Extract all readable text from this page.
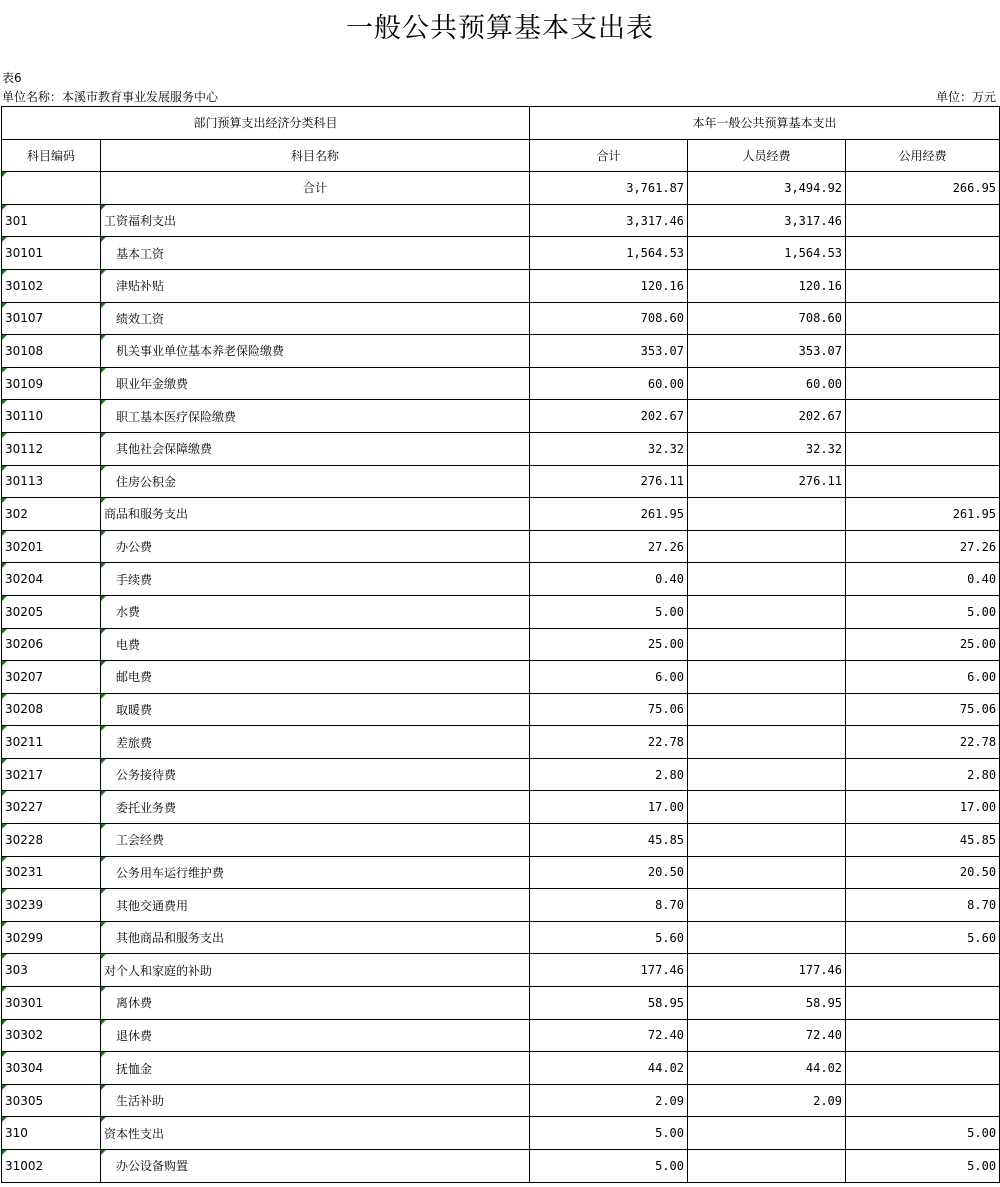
一般公共预算基本支出表
表6
单位名称：本溪市教育事业发展服务中心	单位：万元
部门预算支出经济分类科目		本年一般公共预算基本支出		
科目编码	科目名称	合计	人员经费	公用经费

	合计	3,761.87	3,494.92	266.95

301	工资福利支出	3,317.46	3,317.46	

30101	基本工资	1,564.53	1,564.53	

30102	津贴补贴	120.16	120.16	

30107	绩效工资	708.60	708.60	

30108	机关事业单位基本养老保险缴费	353.07	353.07	

30109	职业年金缴费	60.00	60.00	

30110	职工基本医疗保险缴费	202.67	202.67	

30112	其他社会保障缴费	32.32	32.32	

30113	住房公积金	276.11	276.11	

302	商品和服务支出	261.95		261.95

30201	办公费	27.26		27.26

30204	手续费	0.40		0.40

30205	水费	5.00		5.00

30206	电费	25.00		25.00

30207	邮电费	6.00		6.00

30208	取暖费	75.06		75.06

30211	差旅费	22.78		22.78

30217	公务接待费	2.80		2.80

30227	委托业务费	17.00		17.00

30228	工会经费	45.85		45.85

30231	公务用车运行维护费	20.50		20.50

30239	其他交通费用	8.70		8.70

30299	其他商品和服务支出	5.60		5.60

303	对个人和家庭的补助	177.46	177.46	

30301	离休费	58.95	58.95	

30302	退休费	72.40	72.40	

30304	抚恤金	44.02	44.02	

30305	生活补助	2.09	2.09	

310	资本性支出	5.00		5.00

31002	办公设备购置	5.00		5.00
